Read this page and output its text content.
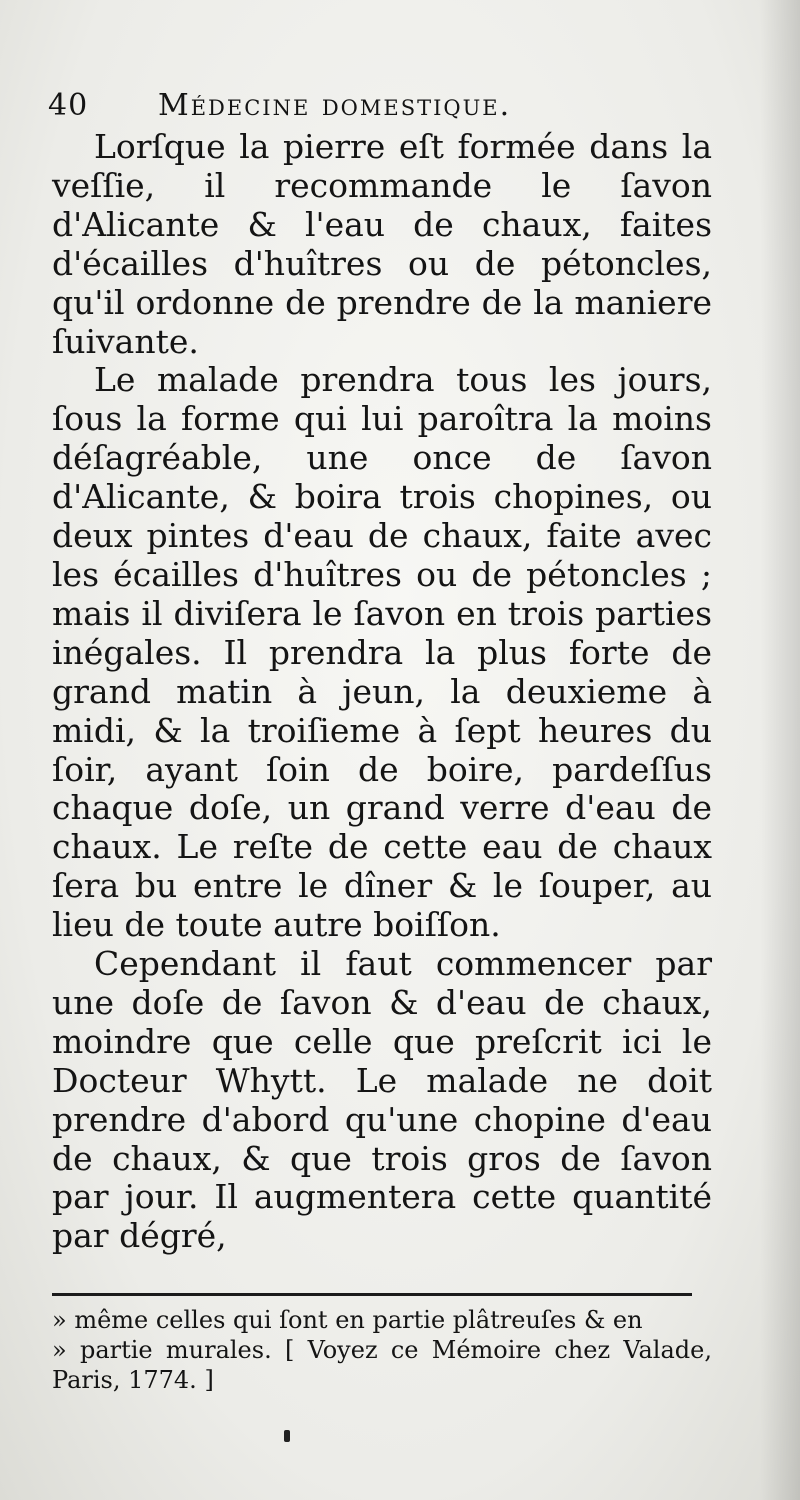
40 Médecine domestique.

Lorſque la pierre eſt formée dans la veſſie, il recommande le ſavon d'Alicante & l'eau de chaux, faites d'écailles d'huîtres ou de pétoncles, qu'il ordonne de prendre de la maniere ſuivante.

Le malade prendra tous les jours, ſous la forme qui lui paroîtra la moins déſagréable, une once de ſavon d'Alicante, & boira trois chopines, ou deux pintes d'eau de chaux, faite avec les écailles d'huîtres ou de pétoncles ; mais il diviſera le ſavon en trois parties inégales. Il prendra la plus forte de grand matin à jeun, la deuxieme à midi, & la troiſieme à ſept heures du ſoir, ayant ſoin de boire, pardeſſus chaque doſe, un grand verre d'eau de chaux. Le reſte de cette eau de chaux ſera bu entre le dîner & le ſouper, au lieu de toute autre boiſſon.

Cependant il faut commencer par une doſe de ſavon & d'eau de chaux, moindre que celle que preſcrit ici le Docteur Whytt. Le malade ne doit prendre d'abord qu'une chopine d'eau de chaux, & que trois gros de ſavon par jour. Il augmentera cette quantité par dégré,

» même celles qui ſont en partie plâtreuſes & en
» partie murales. [ Voyez ce Mémoire chez Valade, Paris, 1774. ]
